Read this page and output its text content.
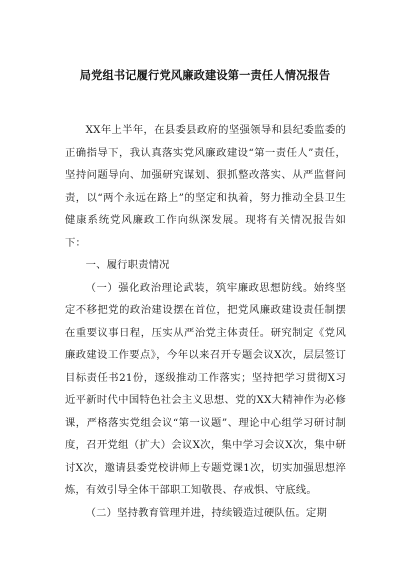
局党组书记履行党风廉政建设第一责任人情况报告

XX年上半年，在县委县政府的坚强领导和县纪委监委的正确指导下，我认真落实党风廉政建设“第一责任人”责任，坚持问题导向、加强研究谋划、狠抓整改落实、从严监督问责，以“两个永远在路上”的坚定和执着，努力推动全县卫生健康系统党风廉政工作向纵深发展。现将有关情况报告如下：

一、履行职责情况

（一）强化政治理论武装，筑牢廉政思想防线。始终坚定不移把党的政治建设摆在首位，把党风廉政建设责任制摆在重要议事日程，压实从严治党主体责任。研究制定《党风廉政建设工作要点》，今年以来召开专题会议X次，层层签订目标责任书21份，逐级推动工作落实；坚持把学习贯彻X习近平新时代中国特色社会主义思想、党的XX大精神作为必修课，严格落实党组会议“第一议题”、理论中心组学习研讨制度，召开党组（扩大）会议X次，集中学习会议X次，集中研讨X次，邀请县委党校讲师上专题党课1次，切实加强思想淬炼，有效引导全体干部职工知敬畏、存戒惧、守底线。

（二）坚持教育管理并进，持续锻造过硬队伍。定期
